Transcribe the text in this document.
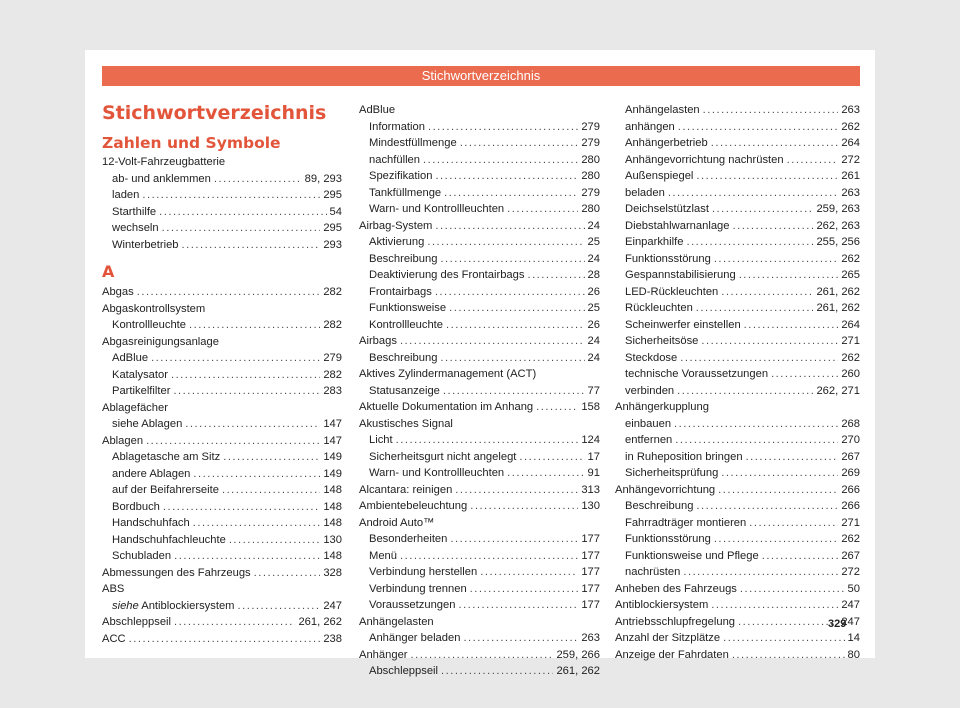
Stichwortverzeichnis
Stichwortverzeichnis
Zahlen und Symbole
12-Volt-Fahrzeugbatterie
ab- und anklemmen .....	89, 293
laden .....	295
Starthilfe .....	54
wechseln .....	295
Winterbetrieb .....	293
A
Abgas .....	282
Abgaskontrollsystem
Kontrollleuchte .....	282
Abgasreinigungsanlage
AdBlue .....	279
Katalysator .....	282
Partikelfilter .....	283
Ablagefächer
siehe Ablagen .....	147
Ablagen .....	147
Ablagetasche am Sitz .....	149
andere Ablagen .....	149
auf der Beifahrerseite .....	148
Bordbuch .....	148
Handschuhfach .....	148
Handschuhfachleuchte .....	130
Schubladen .....	148
Abmessungen des Fahrzeugs .....	328
ABS
siehe Antiblockiersystem .....	247
Abschleppseil .....	261, 262
ACC .....	238
AdBlue
Information .....	279
Mindestfüllmenge .....	279
nachfüllen .....	280
Spezifikation .....	280
Tankfüllmenge .....	279
Warn- und Kontrollleuchten .....	280
Airbag-System .....	24
Aktivierung .....	25
Beschreibung .....	24
Deaktivierung des Frontairbags .....	28
Frontairbags .....	26
Funktionsweise .....	25
Kontrollleuchte .....	26
Airbags .....	24
Beschreibung .....	24
Aktives Zylindermanagement (ACT)
Statusanzeige .....	77
Aktuelle Dokumentation im Anhang .....	158
Akustisches Signal
Licht .....	124
Sicherheitsgurt nicht angelegt .....	17
Warn- und Kontrollleuchten .....	91
Alcantara: reinigen .....	313
Ambientebeleuchtung .....	130
Android Auto™
Besonderheiten .....	177
Menü .....	177
Verbindung herstellen .....	177
Verbindung trennen .....	177
Voraussetzungen .....	177
Anhängelasten
Anhänger beladen .....	263
Anhänger .....	259, 266
Abschleppseil .....	261, 262
Anhängelasten .....	263
anhängen .....	262
Anhängerbetrieb .....	264
Anhängevorrichtung nachrüsten .....	272
Außenspiegel .....	261
beladen .....	263
Deichselstützlast .....	259, 263
Diebstahlwarnanlage .....	262, 263
Einparkhilfe .....	255, 256
Funktionsstörung .....	262
Gespannstabilisierung .....	265
LED-Rückleuchten .....	261, 262
Rückleuchten .....	261, 262
Scheinwerfer einstellen .....	264
Sicherheitsöse .....	271
Steckdose .....	262
technische Voraussetzungen .....	260
verbinden .....	262, 271
Anhängerkupplung
einbauen .....	268
entfernen .....	270
in Ruheposition bringen .....	267
Sicherheitsprüfung .....	269
Anhängevorrichtung .....	266
Beschreibung .....	266
Fahrradträger montieren .....	271
Funktionsstörung .....	262
Funktionsweise und Pflege .....	267
nachrüsten .....	272
Anheben des Fahrzeugs .....	50
Antiblockiersystem .....	247
Antriebsschlupfregelung .....	247
Anzahl der Sitzplätze .....	14
Anzeige der Fahrdaten .....	80
329
